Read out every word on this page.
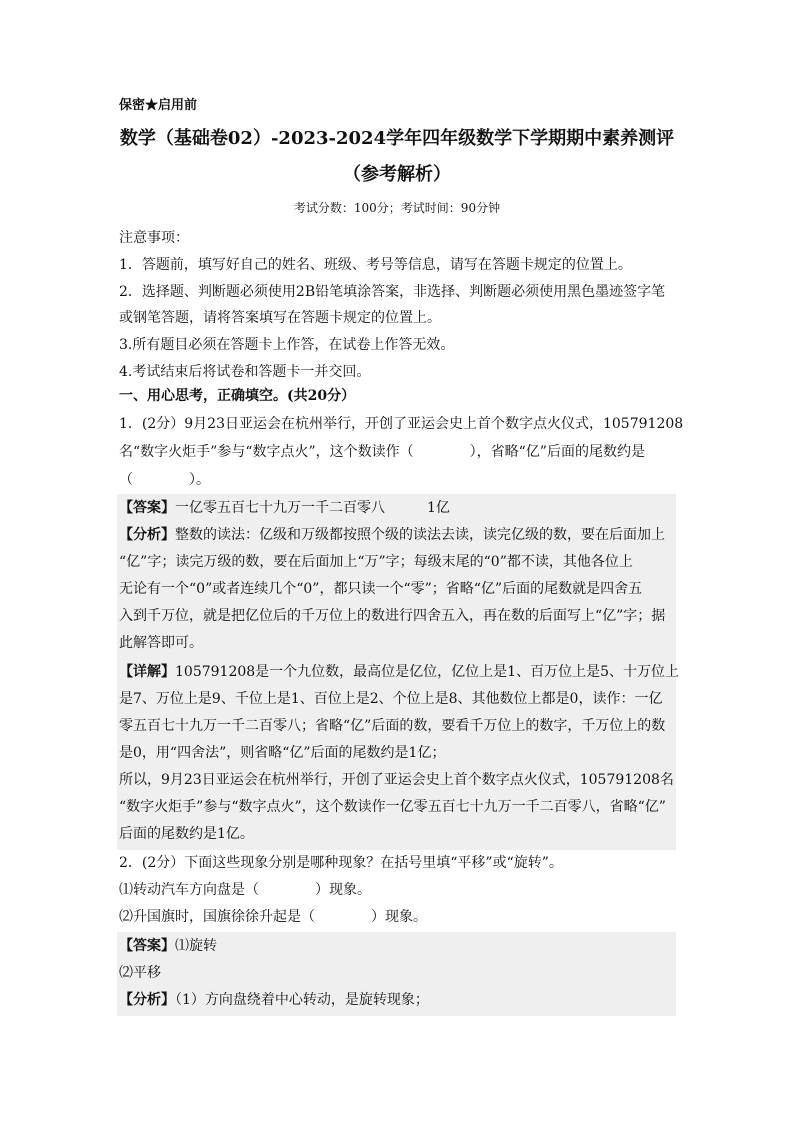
保密★启用前
数学（基础卷02）-2023-2024学年四年级数学下学期期中素养测评
（参考解析）
考试分数：100分；考试时间：90分钟
注意事项：
1．答题前，填写好自己的姓名、班级、考号等信息，请写在答题卡规定的位置上。
2．选择题、判断题必须使用2B铅笔填涂答案，非选择、判断题必须使用黑色墨迹签字笔
或钢笔答题，请将答案填写在答题卡规定的位置上。
3.所有题目必须在答题卡上作答，在试卷上作答无效。
4.考试结束后将试卷和答题卡一并交回。
一、用心思考，正确填空。(共20分）
1．(2分）9月23日亚运会在杭州举行，开创了亚运会史上首个数字点火仪式，105791208
名“数字火炬手”参与“数字点火”，这个数读作（　　　　），省略“亿”后面的尾数约是
（　　　　）。
【答案】一亿零五百七十九万一千二百零八　　　1亿
【分析】整数的读法：亿级和万级都按照个级的读法去读，读完亿级的数，要在后面加上
“亿”字；读完万级的数，要在后面加上“万”字；每级末尾的“0”都不读，其他各位上
无论有一个“0”或者连续几个“0”，都只读一个“零”；省略“亿”后面的尾数就是四舍五
入到千万位，就是把亿位后的千万位上的数进行四舍五入，再在数的后面写上“亿”字；据
此解答即可。
【详解】105791208是一个九位数，最高位是亿位，亿位上是1、百万位上是5、十万位上
是7、万位上是9、千位上是1、百位上是2、个位上是8、其他数位上都是0，读作：一亿
零五百七十九万一千二百零八；省略“亿”后面的数，要看千万位上的数字，千万位上的数
是0，用“四舍法”，则省略“亿”后面的尾数约是1亿；
所以，9月23日亚运会在杭州举行，开创了亚运会史上首个数字点火仪式，105791208名
“数字火炬手”参与“数字点火”，这个数读作一亿零五百七十九万一千二百零八，省略“亿”
后面的尾数约是1亿。
2．(2分）下面这些现象分别是哪种现象？在括号里填“平移”或“旋转”。
⑴转动汽车方向盘是（　　　　）现象。
⑵升国旗时，国旗徐徐升起是（　　　　）现象。
【答案】⑴旋转
⑵平移
【分析】（1）方向盘绕着中心转动，是旋转现象；
